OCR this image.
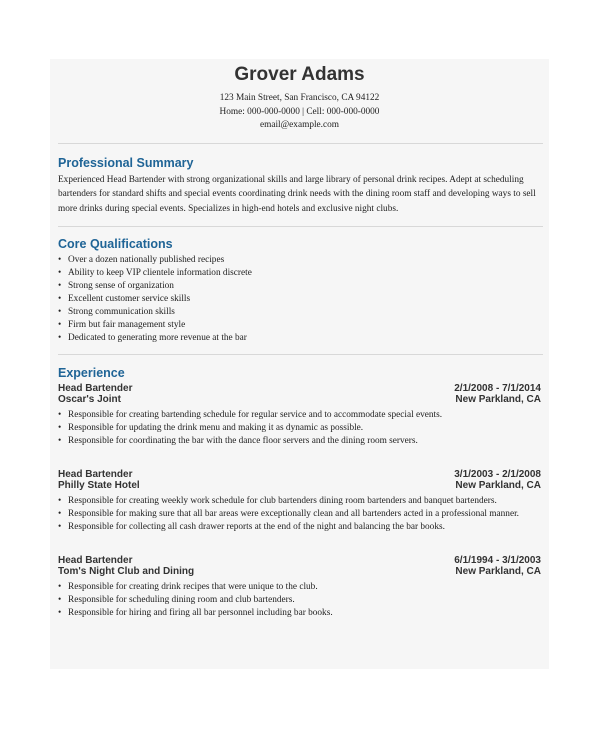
Grover Adams
123 Main Street, San Francisco, CA 94122
Home: 000-000-0000 | Cell: 000-000-0000
email@example.com
Professional Summary
Experienced Head Bartender with strong organizational skills and large library of personal drink recipes. Adept at scheduling bartenders for standard shifts and special events coordinating drink needs with the dining room staff and developing ways to sell more drinks during special events. Specializes in high-end hotels and exclusive night clubs.
Core Qualifications
• Over a dozen nationally published recipes
• Ability to keep VIP clientele information discrete
• Strong sense of organization
• Excellent customer service skills
• Strong communication skills
• Firm but fair management style
• Dedicated to generating more revenue at the bar
Experience
Head Bartender	2/1/2008 - 7/1/2014
Oscar's Joint	New Parkland, CA
• Responsible for creating bartending schedule for regular service and to accommodate special events.
• Responsible for updating the drink menu and making it as dynamic as possible.
• Responsible for coordinating the bar with the dance floor servers and the dining room servers.
Head Bartender	3/1/2003 - 2/1/2008
Philly State Hotel	New Parkland, CA
• Responsible for creating weekly work schedule for club bartenders dining room bartenders and banquet bartenders.
• Responsible for making sure that all bar areas were exceptionally clean and all bartenders acted in a professional manner.
• Responsible for collecting all cash drawer reports at the end of the night and balancing the bar books.
Head Bartender	6/1/1994 - 3/1/2003
Tom's Night Club and Dining	New Parkland, CA
• Responsible for creating drink recipes that were unique to the club.
• Responsible for scheduling dining room and club bartenders.
• Responsible for hiring and firing all bar personnel including bar books.
